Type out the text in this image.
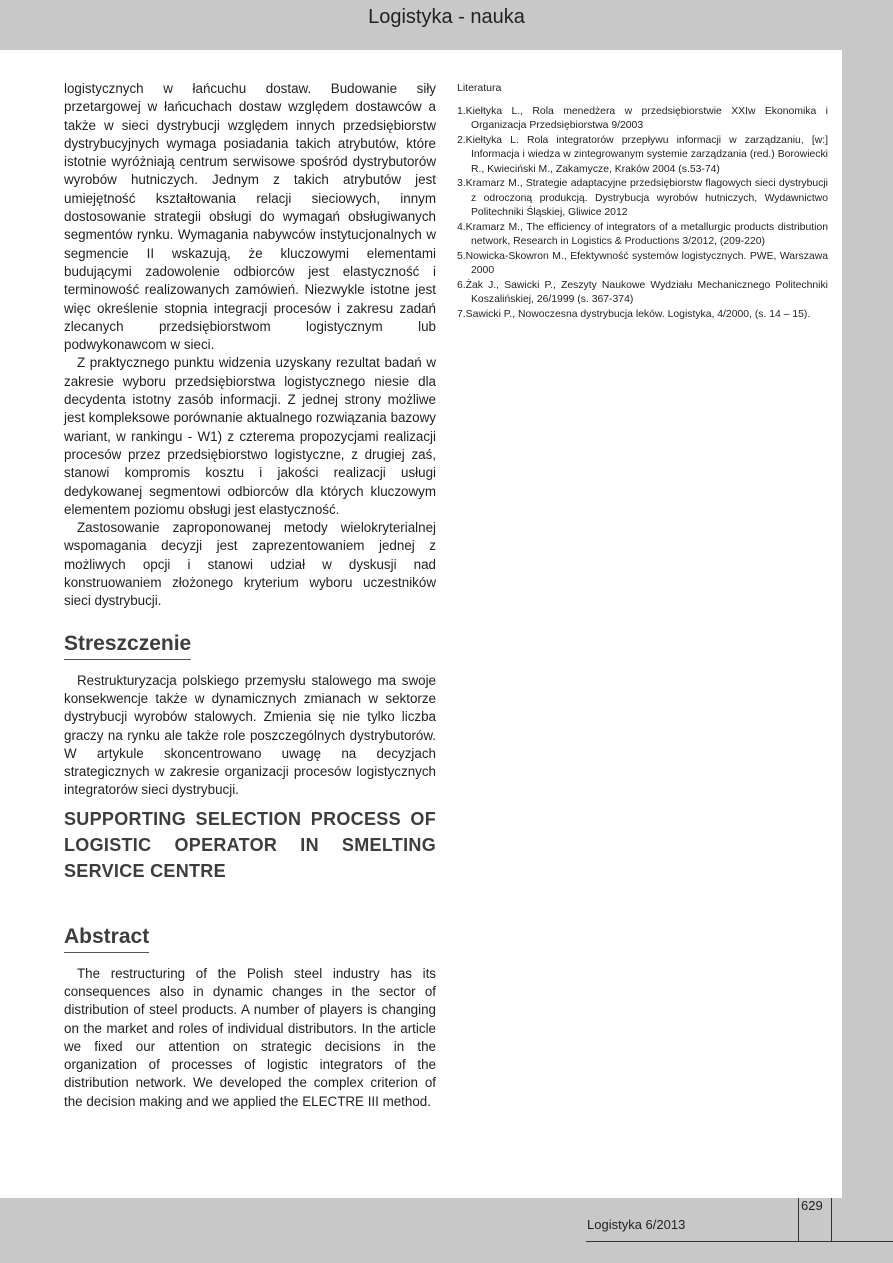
Logistyka - nauka

logistycznych w łańcuchu dostaw. Budowanie siły przetargowej w łańcuchach dostaw względem dostawców a także w sieci dystrybucji względem innych przedsiębiorstw dystrybucyjnych wymaga posiadania takich atrybutów, które istotnie wyróżniają centrum serwisowe spośród dystrybutorów wyrobów hutniczych. Jednym z takich atrybutów jest umiejętność kształtowania relacji sieciowych, innym dostosowanie strategii obsługi do wymagań obsługiwanych segmentów rynku. Wymagania nabywców instytucjonalnych w segmencie II wskazują, że kluczowymi elementami budującymi zadowolenie odbiorców jest elastyczność i terminowość realizowanych zamówień. Niezwykle istotne jest więc określenie stopnia integracji procesów i zakresu zadań zlecanych przedsiębiorstwom logistycznym lub podwykonawcom w sieci.

Z praktycznego punktu widzenia uzyskany rezultat badań w zakresie wyboru przedsiębiorstwa logistycznego niesie dla decydenta istotny zasób informacji. Z jednej strony możliwe jest kompleksowe porównanie aktualnego rozwiązania bazowy wariant, w rankingu - W1) z czterema propozycjami realizacji procesów przez przedsiębiorstwo logistyczne, z drugiej zaś, stanowi kompromis kosztu i jakości realizacji usługi dedykowanej segmentowi odbiorców dla których kluczowym elementem poziomu obsługi jest elastyczność.

Zastosowanie zaproponowanej metody wielokryterialnej wspomagania decyzji jest zaprezentowaniem jednej z możliwych opcji i stanowi udział w dyskusji nad konstruowaniem złożonego kryterium wyboru uczestników sieci dystrybucji.

Streszczenie

Restrukturyzacja polskiego przemysłu stalowego ma swoje konsekwencje także w dynamicznych zmianach w sektorze dystrybucji wyrobów stalowych. Zmienia się nie tylko liczba graczy na rynku ale także role poszczególnych dystrybutorów. W artykule skoncentrowano uwagę na decyzjach strategicznych w zakresie organizacji procesów logistycznych integratorów sieci dystrybucji.

SUPPORTING SELECTION PROCESS OF LOGISTIC OPERATOR IN SMELTING SERVICE CENTRE

Abstract

The restructuring of the Polish steel industry has its consequences also in dynamic changes in the sector of distribution of steel products. A number of players is changing on the market and roles of individual distributors. In the article we fixed our attention on strategic decisions in the organization of processes of logistic integrators of the distribution network. We developed the complex criterion of the decision making and we applied the ELECTRE III method.

Literatura

1.Kiełtyka L., Rola menedżera w przedsiębiorstwie XXIw Ekonomika i Organizacja Przedsiębiorstwa 9/2003

2.Kiełtyka L. Rola integratorów przepływu informacji w zarządzaniu, [w:] Informacja i wiedza w zintegrowanym systemie zarządzania (red.) Borowiecki R., Kwieciński M., Zakamycze, Kraków 2004 (s.53-74)

3.Kramarz M., Strategie adaptacyjne przedsiębiorstw flagowych sieci dystrybucji z odroczoną produkcją. Dystrybucja wyrobów hutniczych, Wydawnictwo Politechniki Śląskiej, Gliwice 2012

4.Kramarz M., The efficiency of integrators of a metallurgic products distribution network, Research in Logistics & Productions 3/2012, (209-220)

5.Nowicka-Skowron M., Efektywność systemów logistycznych. PWE, Warszawa 2000

6.Żak J., Sawicki P., Zeszyty Naukowe Wydziału Mechanicznego Politechniki Koszalińskiej, 26/1999 (s. 367-374)

7.Sawicki P., Nowoczesna dystrybucja leków. Logistyka, 4/2000, (s. 14 – 15).

629
Logistyka 6/2013
